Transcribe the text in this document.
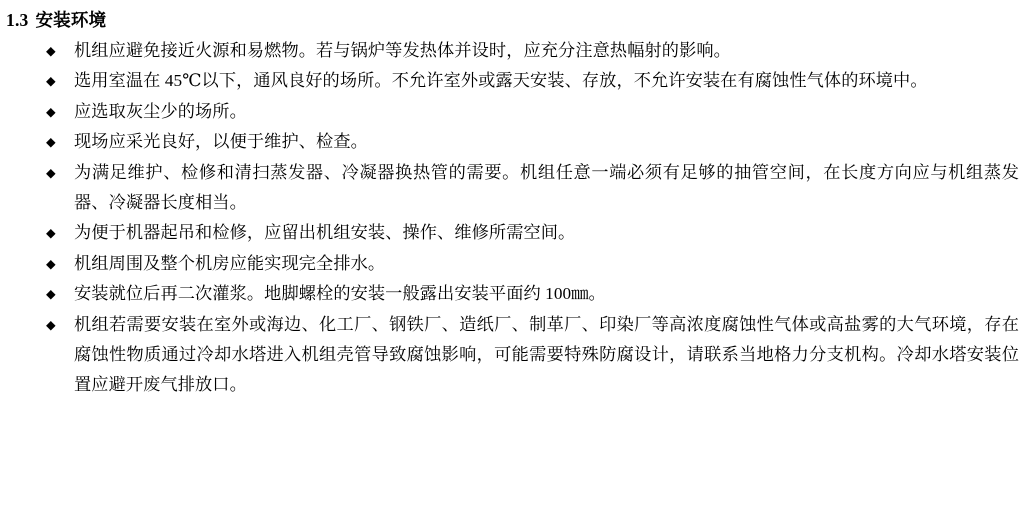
1.3 安装环境
◆ 机组应避免接近火源和易燃物。若与锅炉等发热体并设时，应充分注意热幅射的影响。
◆ 选用室温在 45℃以下，通风良好的场所。不允许室外或露天安装、存放，不允许安装在有腐蚀性气体的环境中。
◆ 应选取灰尘少的场所。
◆ 现场应采光良好，以便于维护、检查。
◆ 为满足维护、检修和清扫蒸发器、冷凝器换热管的需要。机组任意一端必须有足够的抽管空间，在长度方向应与机组蒸发器、冷凝器长度相当。
◆ 为便于机器起吊和检修，应留出机组安装、操作、维修所需空间。
◆ 机组周围及整个机房应能实现完全排水。
◆ 安装就位后再二次灌浆。地脚螺栓的安装一般露出安装平面约 100㎜。
◆ 机组若需要安装在室外或海边、化工厂、钢铁厂、造纸厂、制革厂、印染厂等高浓度腐蚀性气体或高盐雾的大气环境，存在腐蚀性物质通过冷却水塔进入机组壳管导致腐蚀影响，可能需要特殊防腐设计，请联系当地格力分支机构。冷却水塔安装位置应避开废气排放口。
